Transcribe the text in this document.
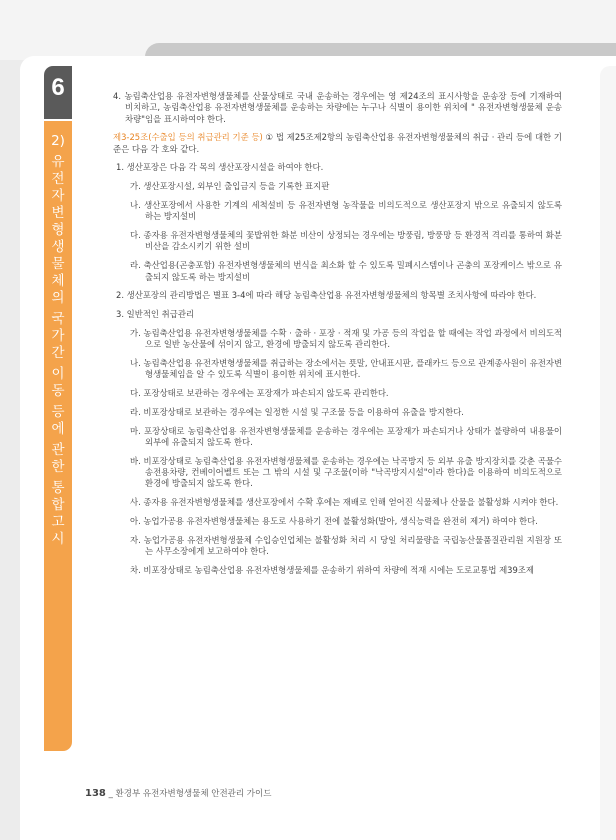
6
2)
유
전
자
변
형
생
물
체
의
국
가
간
이
동
등
에
관
한
통
합
고
시

4. 농림축산업용 유전자변형생물체를 산물상태로 국내 운송하는 경우에는 영 제24조의 표시사항을 운송장 등에 기재하여 비치하고, 농림축산업용 유전자변형생물체를 운송하는 차량에는 누구나 식별이 용이한 위치에 " 유전자변형생물체 운송차량"임을 표시하여야 한다.

제3-25조(수출입 등의 취급관리 기준 등) ① 법 제25조제2항의 농림축산업용 유전자변형생물체의 취급 · 관리 등에 대한 기준은 다음 각 호와 같다.

1. 생산포장은 다음 각 목의 생산포장시설을 하여야 한다.

가. 생산포장시설, 외부인 출입금지 등을 기록한 표지판

나. 생산포장에서 사용한 기계의 세척설비 등 유전자변형 농작물을 비의도적으로 생산포장지 밖으로 유출되지 않도록 하는 방지설비

다. 종자용 유전자변형생물체의 꽃밥위한 화분 비산이 상정되는 경우에는 방풍림, 방풍망 등 환경적 격리를 통하여 화분 비산을 감소시키기 위한 설비

라. 축산업용(곤충포함) 유전자변형생물체의 번식을 최소화 할 수 있도록 밀폐시스템이나 곤충의 포장케이스 밖으로 유출되지 않도록 하는 방지설비

2. 생산포장의 관리방법은 별표 3-4에 따라 해당 농림축산업용 유전자변형생물체의 항목별 조치사항에 따라야 한다.

3. 일반적인 취급관리

가. 농림축산업용 유전자변형생물체를 수확 · 출하 · 포장 · 적재 및 가공 등의 작업을 할 때에는 작업 과정에서 비의도적으로 일반 농산물에 섞이지 않고, 환경에 방출되지 않도록 관리한다.

나. 농림축산업용 유전자변형생물체를 취급하는 장소에서는 푯말, 안내표시판, 플래카드 등으로 관계종사원이 유전자변형생물체임을 알 수 있도록 식별이 용이한 위치에 표시한다.

다. 포장상태로 보관하는 경우에는 포장재가 파손되지 않도록 관리한다.

라. 비포장상태로 보관하는 경우에는 일정한 시설 및 구조물 등을 이용하여 유출을 방지한다.

마. 포장상태로 농림축산업용 유전자변형생물체를 운송하는 경우에는 포장재가 파손되거나 상태가 불량하여 내용물이 외부에 유출되지 않도록 한다.

바. 비포장상태로 농림축산업용 유전자변형생물체를 운송하는 경우에는 낙곡방지 등 외부 유출 방지장치를 갖춘 곡물수송전용차량, 컨베이어벨트 또는 그 밖의 시설 및 구조물(이하 "낙곡방지시설"이라 한다)을 이용하여 비의도적으로 환경에 방출되지 않도록 한다.

사. 종자용 유전자변형생물체를 생산포장에서 수확 후에는 재배로 인해 얻어진 식물체나 산물을 불활성화 시켜야 한다.

아. 농업가공용 유전자변형생물체는 용도로 사용하기 전에 불활성화(발아, 생식능력을 완전히 제거) 하여야 한다.

자. 농업가공용 유전자변형생물체 수입승인업체는 불활성화 처리 시 당일 처리물량을 국립농산물품질관리원 지원장 또는 사무소장에게 보고하여야 한다.

차. 비포장상태로 농림축산업용 유전자변형생물체를 운송하기 위하여 차량에 적재 시에는 도로교통법 제39조제

138 _ 환경부 유전자변형생물체 안전관리 가이드
